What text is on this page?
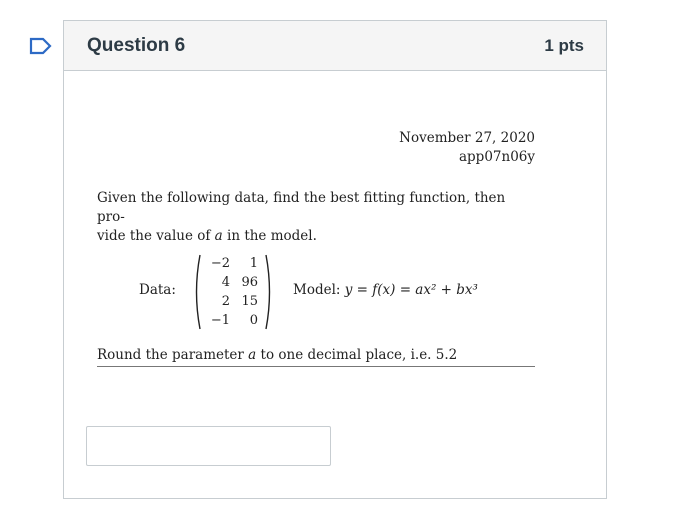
Question 6	1 pts
November 27, 2020
app07n06y
Given the following data, find the best fitting function, then pro-
vide the value of a in the model.
Data:
−2	1
4 96
2 15
−1	0
Model: y = f(x) = ax² + bx³
Round the parameter a to one decimal place, i.e. 5.2
